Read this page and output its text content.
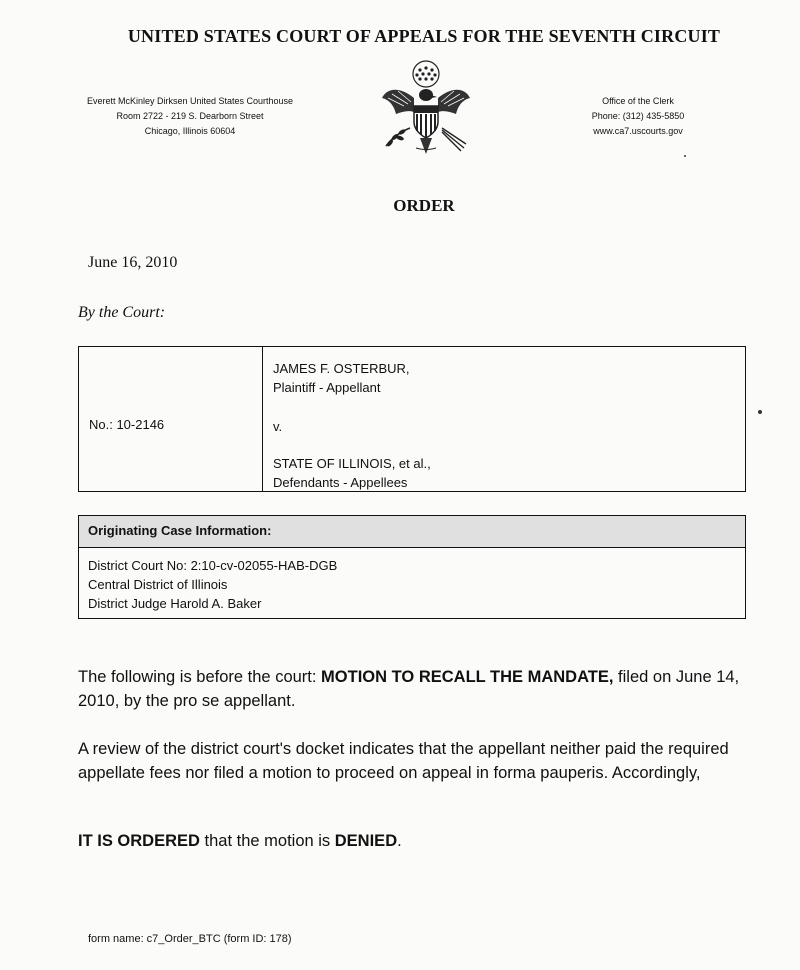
UNITED STATES COURT OF APPEALS FOR THE SEVENTH CIRCUIT
Everett McKinley Dirksen United States Courthouse
Room 2722 - 219 S. Dearborn Street
Chicago, Illinois 60604
Office of the Clerk
Phone: (312) 435-5850
www.ca7.uscourts.gov
ORDER
June 16, 2010
By the Court:
No.: 10-2146
JAMES F. OSTERBUR,
Plaintiff - Appellant
v.
STATE OF ILLINOIS, et al.,
Defendants - Appellees
Originating Case Information:
District Court No: 2:10-cv-02055-HAB-DGB
Central District of Illinois
District Judge Harold A. Baker
The following is before the court: MOTION TO RECALL THE MANDATE, filed on June 14, 2010, by the pro se appellant.
A review of the district court's docket indicates that the appellant neither paid the required appellate fees nor filed a motion to proceed on appeal in forma pauperis. Accordingly,
IT IS ORDERED that the motion is DENIED.
form name: c7_Order_BTC (form ID: 178)
